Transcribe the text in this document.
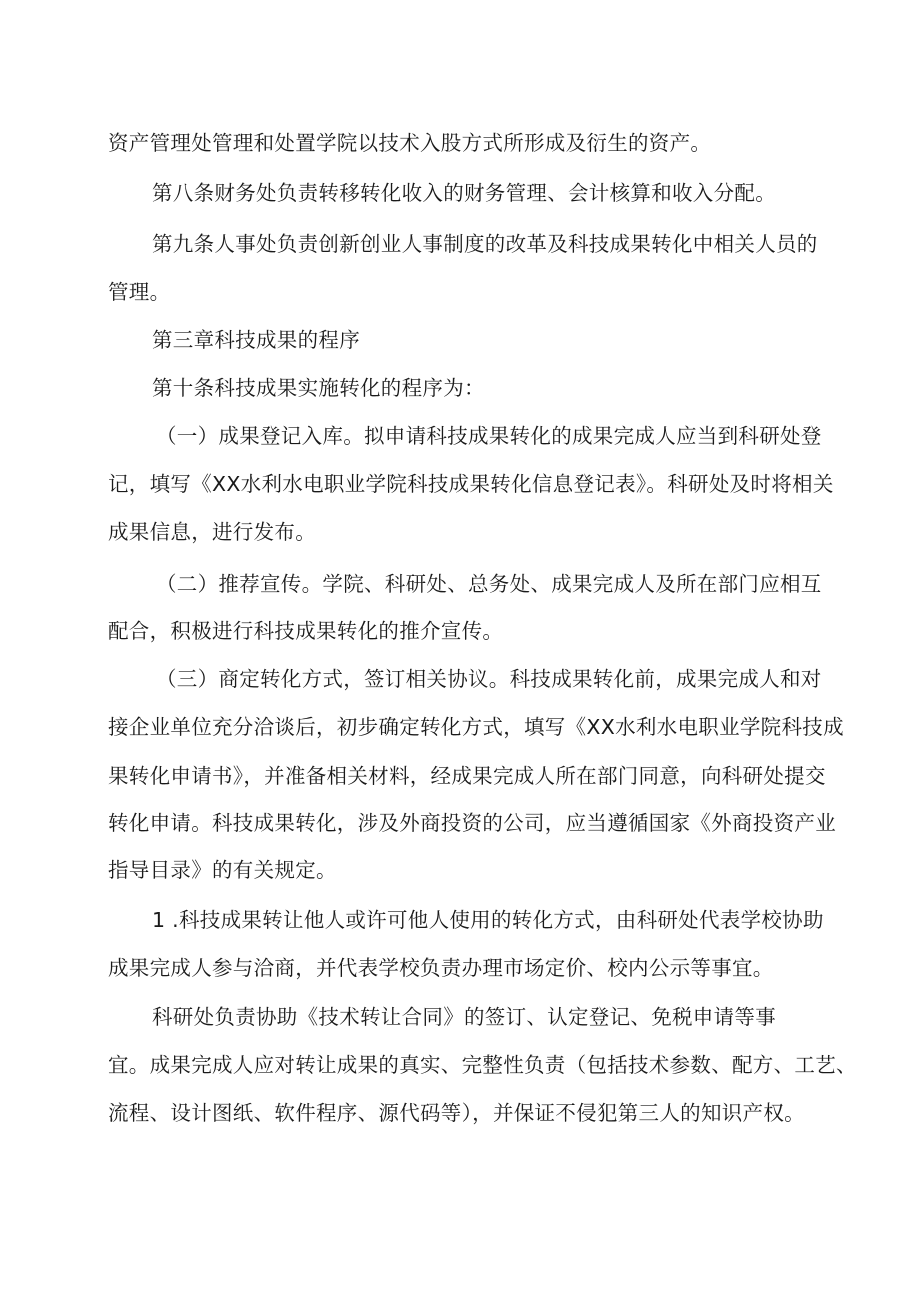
资产管理处管理和处置学院以技术入股方式所形成及衍生的资产。

第八条财务处负责转移转化收入的财务管理、会计核算和收入分配。

第九条人事处负责创新创业人事制度的改革及科技成果转化中相关人员的

管理。

第三章科技成果的程序

第十条科技成果实施转化的程序为：

（一）成果登记入库。拟申请科技成果转化的成果完成人应当到科研处登

记，填写《XX水利水电职业学院科技成果转化信息登记表》。科研处及时将相关

成果信息，进行发布。

（二）推荐宣传。学院、科研处、总务处、成果完成人及所在部门应相互

配合，积极进行科技成果转化的推介宣传。

（三）商定转化方式，签订相关协议。科技成果转化前，成果完成人和对

接企业单位充分洽谈后，初步确定转化方式，填写《XX水利水电职业学院科技成

果转化申请书》，并准备相关材料，经成果完成人所在部门同意，向科研处提交

转化申请。科技成果转化，涉及外商投资的公司，应当遵循国家《外商投资产业

指导目录》的有关规定。

1 .科技成果转让他人或许可他人使用的转化方式，由科研处代表学校协助

成果完成人参与洽商，并代表学校负责办理市场定价、校内公示等事宜。

科研处负责协助《技术转让合同》的签订、认定登记、免税申请等事

宜。成果完成人应对转让成果的真实、完整性负责（包括技术参数、配方、工艺、

流程、设计图纸、软件程序、源代码等），并保证不侵犯第三人的知识产权。
